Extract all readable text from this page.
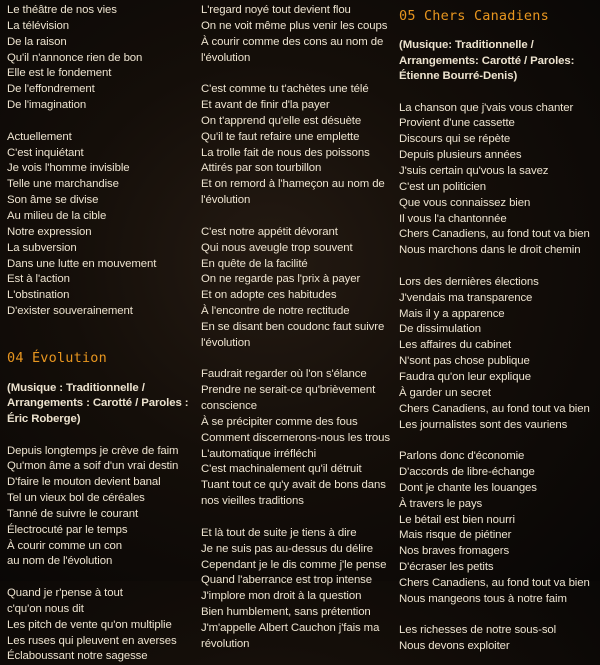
Le théâtre de nos vies
La télévision
De la raison
Qu'il n'annonce rien de bon
Elle est le fondement
De l'effondrement
De l'imagination
Actuellement
C'est inquiétant
Je vois l'homme invisible
Telle une marchandise
Son âme se divise
Au milieu de la cible
Notre expression
La subversion
Dans une lutte en mouvement
Est à l'action
L'obstination
D'exister souverainement
04 Évolution
(Musique : Traditionnelle / Arrangements : Carotté / Paroles : Éric Roberge)
Depuis longtemps je crève de faim
Qu'mon âme a soif d'un vrai destin
D'faire le mouton devient banal
Tel un vieux bol de céréales
Tanné de suivre le courant
Électrocuté par le temps
À courir comme un con
au nom de l'évolution
Quand je r'pense à tout
c'qu'on nous dit
Les pitch de vente qu'on multiplie
Les ruses qui pleuvent en averses
Éclaboussant notre sagesse
L'regard noyé tout devient flou
On ne voit même plus venir les coups
À courir comme des cons au nom de
l'évolution
C'est comme tu t'achètes une télé
Et avant de finir d'la payer
On t'apprend qu'elle est désuète
Qu'il te faut refaire une emplette
La trolle fait de nous des poissons
Attirés par son tourbillon
Et on remord à l'hameçon au nom de
l'évolution
C'est notre appétit dévorant
Qui nous aveugle trop souvent
En quête de la facilité
On ne regarde pas l'prix à payer
Et on adopte ces habitudes
À l'encontre de notre rectitude
En se disant ben coudonc faut suivre
l'évolution
Faudrait regarder où l'on s'élance
Prendre ne serait-ce qu'brièvement
conscience
À se précipiter comme des fous
Comment discernerons-nous les trous
L'automatique irréfléchi
C'est machinalement qu'il détruit
Tuant tout ce qu'y avait de bons dans
nos vieilles traditions
Et là tout de suite je tiens à dire
Je ne suis pas au-dessus du délire
Cependant je le dis comme j'le pense
Quand l'aberrance est trop intense
J'implore mon droit à la question
Bien humblement, sans prétention
J'm'appelle Albert Cauchon j'fais ma
révolution
05 Chers Canadiens
(Musique: Traditionnelle / Arrangements: Carotté / Paroles: Étienne Bourré-Denis)
La chanson que j'vais vous chanter
Provient d'une cassette
Discours qui se répète
Depuis plusieurs années
J'suis certain qu'vous la savez
C'est un politicien
Que vous connaissez bien
Il vous l'a chantonnée
Chers Canadiens, au fond tout va bien
Nous marchons dans le droit chemin
Lors des dernières élections
J'vendais ma transparence
Mais il y a apparence
De dissimulation
Les affaires du cabinet
N'sont pas chose publique
Faudra qu'on leur explique
À garder un secret
Chers Canadiens, au fond tout va bien
Les journalistes sont des vauriens
Parlons donc d'économie
D'accords de libre-échange
Dont je chante les louanges
À travers le pays
Le bétail est bien nourri
Mais risque de piétiner
Nos braves fromagers
D'écraser les petits
Chers Canadiens, au fond tout va bien
Nous mangeons tous à notre faim
Les richesses de notre sous-sol
Nous devons exploiter
